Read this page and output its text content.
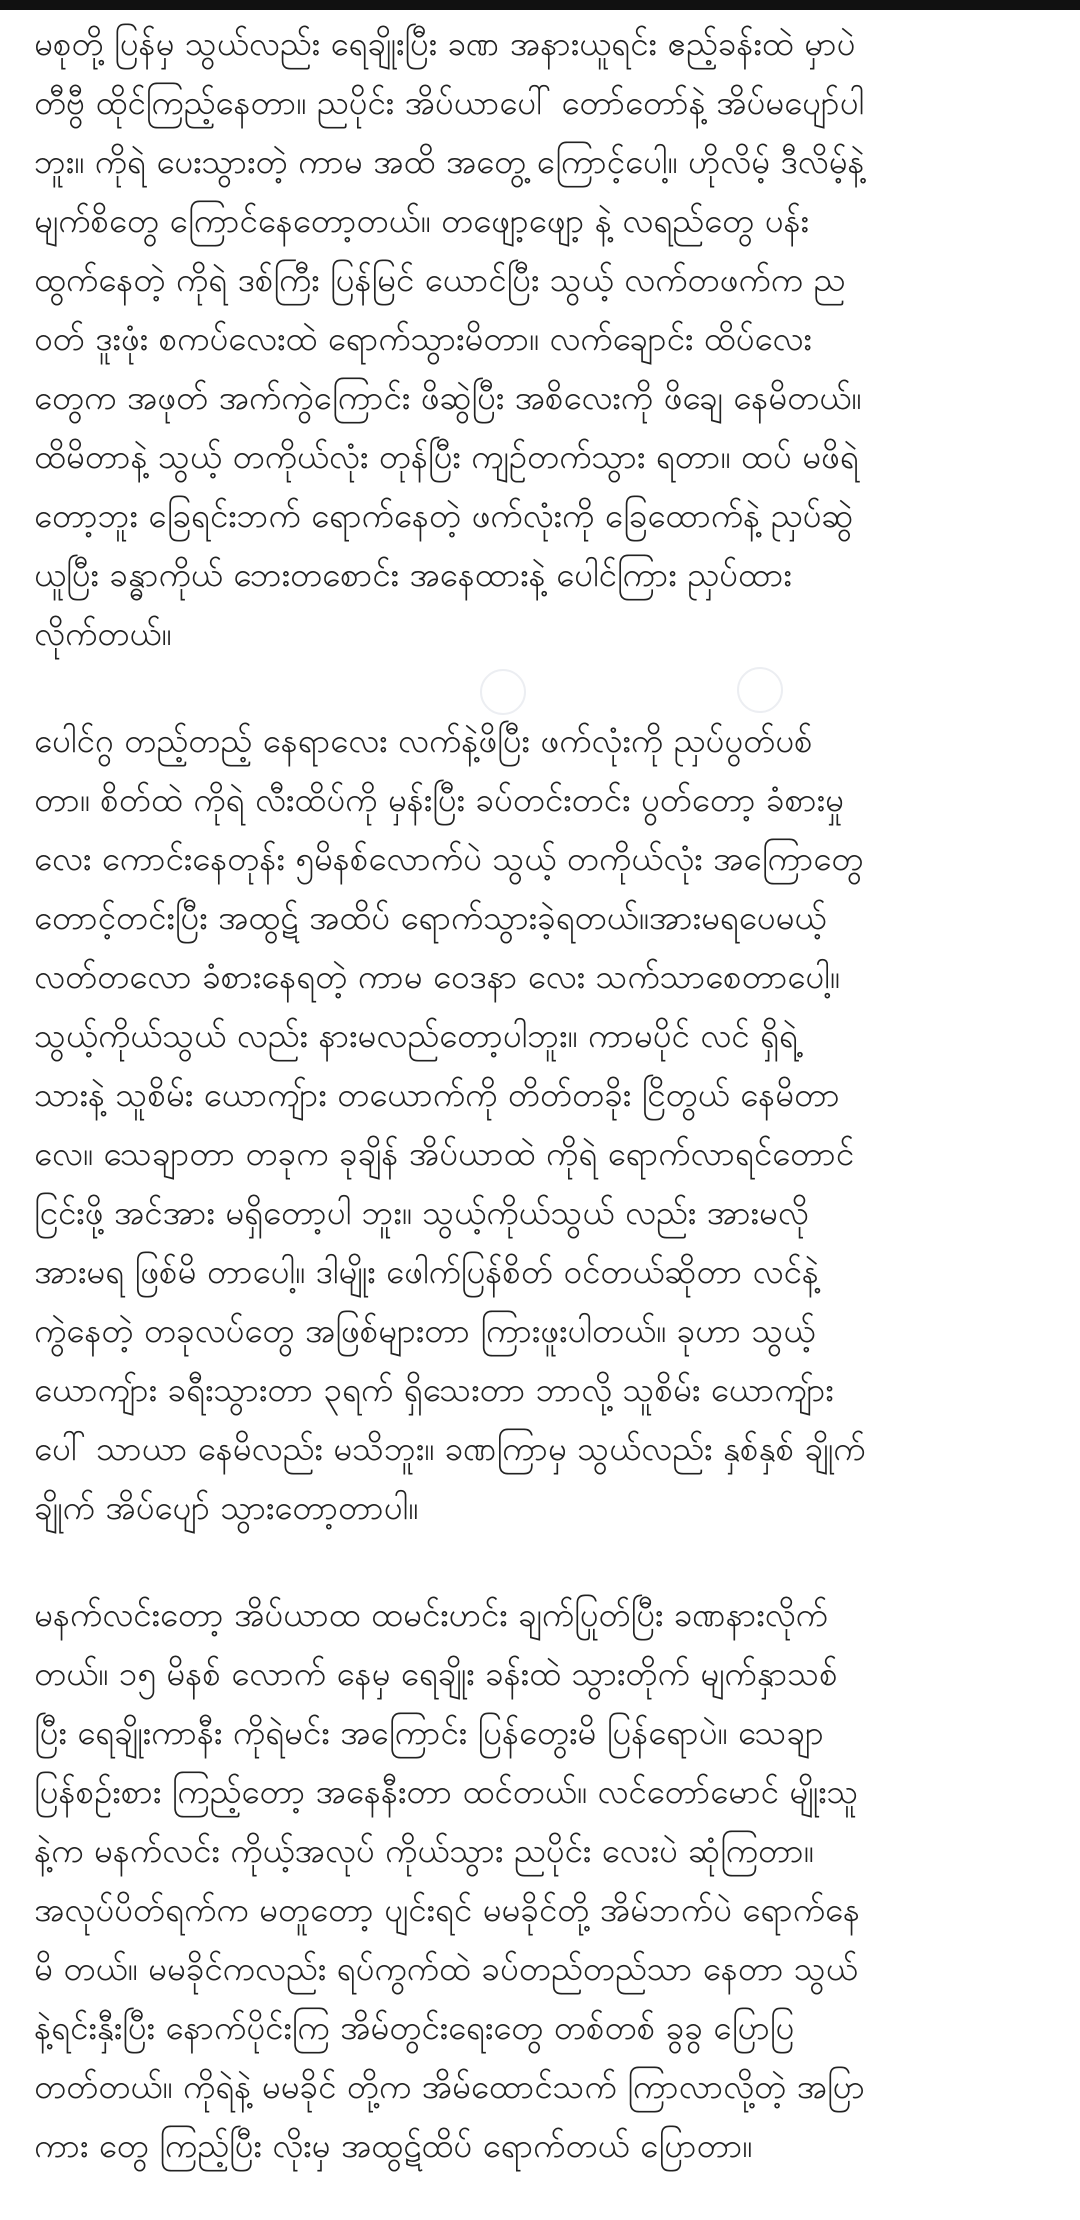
မစုတို့ ပြန်မှ သွယ်လည်း ရေချိုးပြီး ခဏ အနားယူရင်း ဧည့်ခန်းထဲ မှာပဲ
တီဗွီ ထိုင်ကြည့်နေတာ။ ညပိုင်း အိပ်ယာပေါ် တော်တော်နဲ့ အိပ်မပျော်ပါ
ဘူး။ ကိုရဲ ပေးသွားတဲ့ ကာမ အထိ အတွေ့ ကြောင့်ပေါ့။ ဟိုလိမ့် ဒီလိမ့်နဲ့
မျက်စိတွေ ကြောင်နေတော့တယ်။ တဖျော့ဖျော့ နဲ့ လရည်တွေ ပန်း
ထွက်နေတဲ့ ကိုရဲ ဒစ်ကြီး ပြန်မြင် ယောင်ပြီး သွယ့် လက်တဖက်က ည
ဝတ် ဒူးဖုံး စကပ်လေးထဲ ရောက်သွားမိတာ။ လက်ချောင်း ထိပ်လေး
တွေက အဖုတ် အက်ကွဲကြောင်း ဖိဆွဲပြီး အစိလေးကို ဖိချေ နေမိတယ်။
ထိမိတာနဲ့ သွယ့် တကိုယ်လုံး တုန်ပြီး ကျဉ်တက်သွား ရတာ။ ထပ် မဖိရဲ
တော့ဘူး ခြေရင်းဘက် ရောက်နေတဲ့ ဖက်လုံးကို ခြေထောက်နဲ့ ညှပ်ဆွဲ
ယူပြီး ခန္ဓာကိုယ် ဘေးတစောင်း အနေထားနဲ့ ပေါင်ကြား ညှပ်ထား
လိုက်တယ်။

ပေါင်ဂွ တည့်တည့် နေရာလေး လက်နဲ့ဖိပြီး ဖက်လုံးကို ညှပ်ပွတ်ပစ်
တာ။ စိတ်ထဲ ကိုရဲ လီးထိပ်ကို မှန်းပြီး ခပ်တင်းတင်း ပွတ်တော့ ခံစားမှု
လေး ကောင်းနေတုန်း ၅မိနစ်လောက်ပဲ သွယ့် တကိုယ်လုံး အကြောတွေ
တောင့်တင်းပြီး အထွဋ် အထိပ် ရောက်သွားခဲ့ရတယ်။အားမရပေမယ့်
လတ်တလော ခံစားနေရတဲ့ ကာမ ဝေဒနာ လေး သက်သာစေတာပေါ့။
သွယ့်ကိုယ်သွယ် လည်း နားမလည်တော့ပါဘူး။ ကာမပိုင် လင် ရှိရဲ့
သားနဲ့ သူစိမ်း ယောကျ်ား တယောက်ကို တိတ်တခိုး ငြိတွယ် နေမိတာ
လေ။ သေချာတာ တခုက ခုချိန် အိပ်ယာထဲ ကိုရဲ ရောက်လာရင်တောင်
ငြင်းဖို့ အင်အား မရှိတော့ပါ ဘူး။ သွယ့်ကိုယ်သွယ် လည်း အားမလို
အားမရ ဖြစ်မိ တာပေါ့။ ဒါမျိုး ဖေါက်ပြန်စိတ် ဝင်တယ်ဆိုတာ လင်နဲ့
ကွဲနေတဲ့ တခုလပ်တွေ အဖြစ်များတာ ကြားဖူးပါတယ်။ ခုဟာ သွယ့်
ယောကျ်ား ခရီးသွားတာ ၃ရက် ရှိသေးတာ ဘာလို့ သူစိမ်း ယောကျ်ား
ပေါ် သာယာ နေမိလည်း မသိဘူး။ ခဏကြာမှ သွယ်လည်း နှစ်နှစ် ချိုက်
ချိုက် အိပ်ပျော် သွားတော့တာပါ။

မနက်လင်းတော့ အိပ်ယာထ ထမင်းဟင်း ချက်ပြုတ်ပြီး ခဏနားလိုက်
တယ်။ ၁၅ မိနစ် လောက် နေမှ ရေချိုး ခန်းထဲ သွားတိုက် မျက်နှာသစ်
ပြီး ရေချိုးကာနီး ကိုရဲမင်း အကြောင်း ပြန်တွေးမိ ပြန်ရောပဲ။ သေချာ
ပြန်စဉ်းစား ကြည့်တော့ အနေနီးတာ ထင်တယ်။ လင်တော်မောင် မျိုးသူ
နဲ့က မနက်လင်း ကိုယ့်အလုပ် ကိုယ်သွား ညပိုင်း လေးပဲ ဆုံကြတာ။
အလုပ်ပိတ်ရက်က မတူတော့ ပျင်းရင် မမခိုင်တို့ အိမ်ဘက်ပဲ ရောက်နေ
မိ တယ်။ မမခိုင်ကလည်း ရပ်ကွက်ထဲ ခပ်တည်တည်သာ နေတာ သွယ်
နဲ့ရင်းနှီးပြီး နောက်ပိုင်းကြ အိမ်တွင်းရေးတွေ တစ်တစ် ခွခွ ပြောပြ
တတ်တယ်။ ကိုရဲနဲ့ မမခိုင် တို့က အိမ်ထောင်သက် ကြာလာလို့တဲ့ အပြာ
ကား တွေ ကြည့်ပြီး လိုးမှ အထွဋ်ထိပ် ရောက်တယ် ပြောတာ။
